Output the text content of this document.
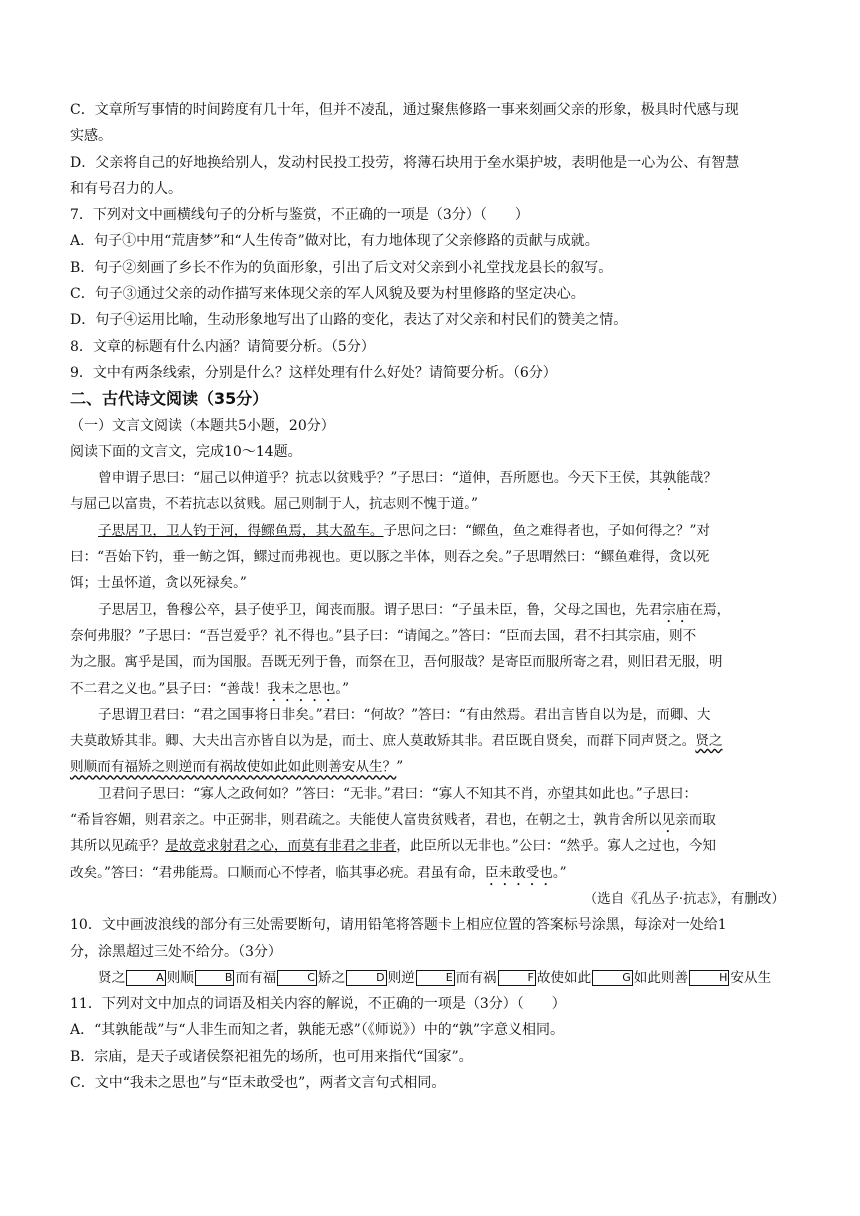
C．文章所写事情的时间跨度有几十年，但并不凌乱，通过聚焦修路一事来刻画父亲的形象，极具时代感与现
实感。
D．父亲将自己的好地换给别人，发动村民投工投劳，将薄石块用于垒水渠护坡，表明他是一心为公、有智慧
和有号召力的人。
7．下列对文中画横线句子的分析与鉴赏，不正确的一项是（3分）（　　）
A．句子①中用“荒唐梦”和“人生传奇”做对比，有力地体现了父亲修路的贡献与成就。
B．句子②刻画了乡长不作为的负面形象，引出了后文对父亲到小礼堂找龙县长的叙写。
C．句子③通过父亲的动作描写来体现父亲的军人风貌及要为村里修路的坚定决心。
D．句子④运用比喻，生动形象地写出了山路的变化，表达了对父亲和村民们的赞美之情。
8．文章的标题有什么内涵？请简要分析。（5分）
9．文中有两条线索，分别是什么？这样处理有什么好处？请简要分析。（6分）
二、古代诗文阅读（35分）
（一）文言文阅读（本题共5小题，20分）
阅读下面的文言文，完成10～14题。
曾申谓子思曰：“屈己以伸道乎？抗志以贫贱乎？”子思曰：“道伸，吾所愿也。今天下王侯，其孰能哉？
与屈己以富贵，不若抗志以贫贱。屈己则制于人，抗志则不愧于道。”
子思居卫，卫人钓于河，得鳏鱼焉，其大盈车。子思问之曰：“鳏鱼，鱼之难得者也，子如何得之？”对
曰：“吾始下钓，垂一鲂之饵，鳏过而弗视也。更以豚之半体，则吞之矣。”子思喟然曰：“鳏鱼难得，贪以死
饵；士虽怀道，贪以死禄矣。”
子思居卫，鲁穆公卒，县子使乎卫，闻丧而服。谓子思曰：“子虽未臣，鲁，父母之国也，先君宗庙在焉，
奈何弗服？”子思曰：“吾岂爱乎？礼不得也。”县子曰：“请闻之。”答曰：“臣而去国，君不扫其宗庙，则不
为之服。寓乎是国，而为国服。吾既无列于鲁，而祭在卫，吾何服哉？是寄臣而服所寄之君，则旧君无服，明
不二君之义也。”县子曰：“善哉！我未之思也。”
子思谓卫君曰：“君之国事将日非矣。”君曰：“何故？”答曰：“有由然焉。君出言皆自以为是，而卿、大
夫莫敢矫其非。卿、大夫出言亦皆自以为是，而士、庶人莫敢矫其非。君臣既自贤矣，而群下同声贤之。贤之
则顺而有福矫之则逆而有祸故使如此如此则善安从生？”
卫君问子思曰：“寡人之政何如？”答曰：“无非。”君曰：“寡人不知其不肖，亦望其如此也。”子思曰：
“希旨容媚，则君亲之。中正弼非，则君疏之。夫能使人富贵贫贱者，君也，在朝之士，孰肯舍所以见亲而取
其所以见疏乎？是故竞求射君之心，而莫有非君之非者，此臣所以无非也。”公曰：“然乎。寡人之过也，今知
改矣。”答曰：“君弗能焉。口顺而心不悖者，临其事必疣。君虽有命，臣未敢受也。”
（选自《孔丛子·抗志》，有删改）
10．文中画波浪线的部分有三处需要断句，请用铅笔将答题卡上相应位置的答案标号涂黑，每涂对一处给1
分，涂黑超过三处不给分。（3分）
贤之	A 则顺	B 而有福	C 矫之	D 则逆	E 而有祸	F 故使如此	G 如此则善	H 安从生
11．下列对文中加点的词语及相关内容的解说，不正确的一项是（3分）（　　）
A．“其孰能哉”与“人非生而知之者，孰能无惑”（《师说》）中的“孰”字意义相同。
B．宗庙，是天子或诸侯祭祀祖先的场所，也可用来指代“国家”。
C．文中“我未之思也”与“臣未敢受也”，两者文言句式相同。
